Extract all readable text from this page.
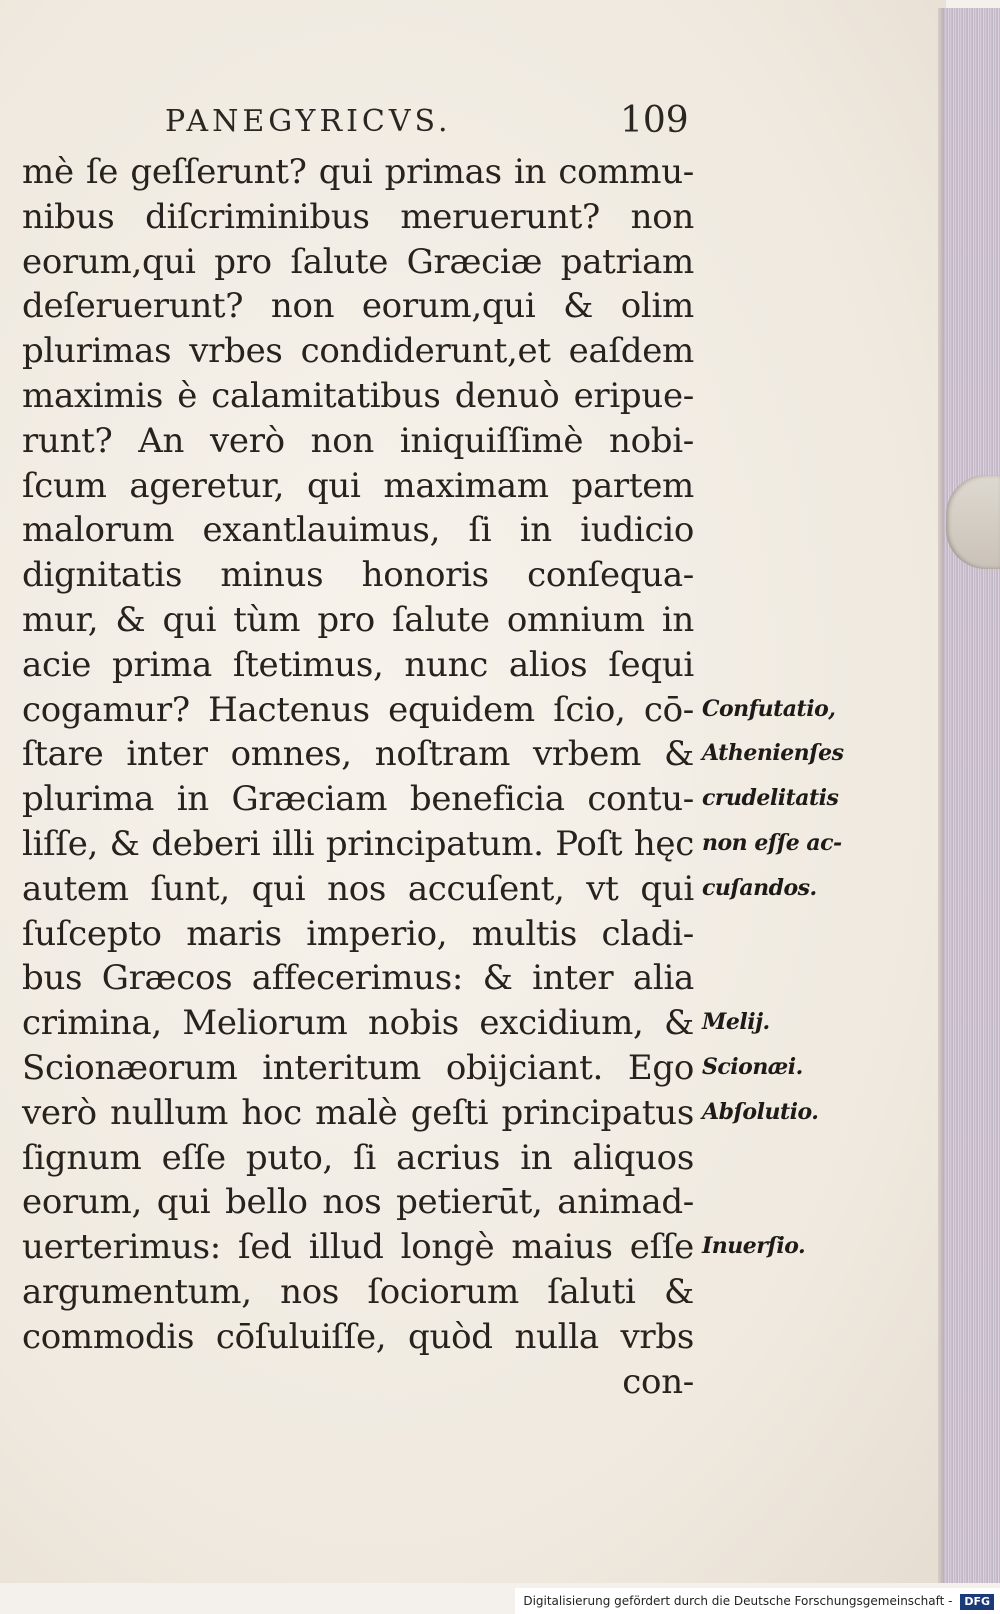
PANEGYRICVS.	109
mè ſe geſſerunt? qui primas in commu-
nibus diſcriminibus meruerunt? non
eorum,qui pro ſalute Græciæ patriam
deſeruerunt? non eorum,qui & olim
plurimas vrbes condiderunt,et eaſdem
maximis è calamitatibus denuò eripue-
runt? An verò non iniquiſſimè nobi-
ſcum ageretur, qui maximam partem
malorum exantlauimus, ſi in iudicio
dignitatis minus honoris conſequa-
mur, & qui tùm pro ſalute omnium in
acie prima ſtetimus, nunc alios ſequi
cogamur? Hactenus equidem ſcio, cō-
ſtare inter omnes, noſtram vrbem &
plurima in Græciam beneficia contu-
liſſe, & deberi illi principatum. Poſt hęc
autem ſunt, qui nos accuſent, vt qui
ſuſcepto maris imperio, multis cladi-
bus Græcos affecerimus: & inter alia
crimina, Meliorum nobis excidium, &
Scionæorum interitum obijciant. Ego
verò nullum hoc malè geſti principatus
ſignum eſſe puto, ſi acrius in aliquos
eorum, qui bello nos petierūt, animad-
uerterimus: ſed illud longè maius eſſe
argumentum, nos ſociorum ſaluti &
commodis cōſuluiſſe, quòd nulla vrbs
con-
Confutatio,
Athenienſes
crudelitatis
non eſſe ac-
cuſandos.
Melij.
Scionæi.
Abſolutio.
Inuerſio.
Digitalisierung gefördert durch die Deutsche Forschungsgemeinschaft - DFG
